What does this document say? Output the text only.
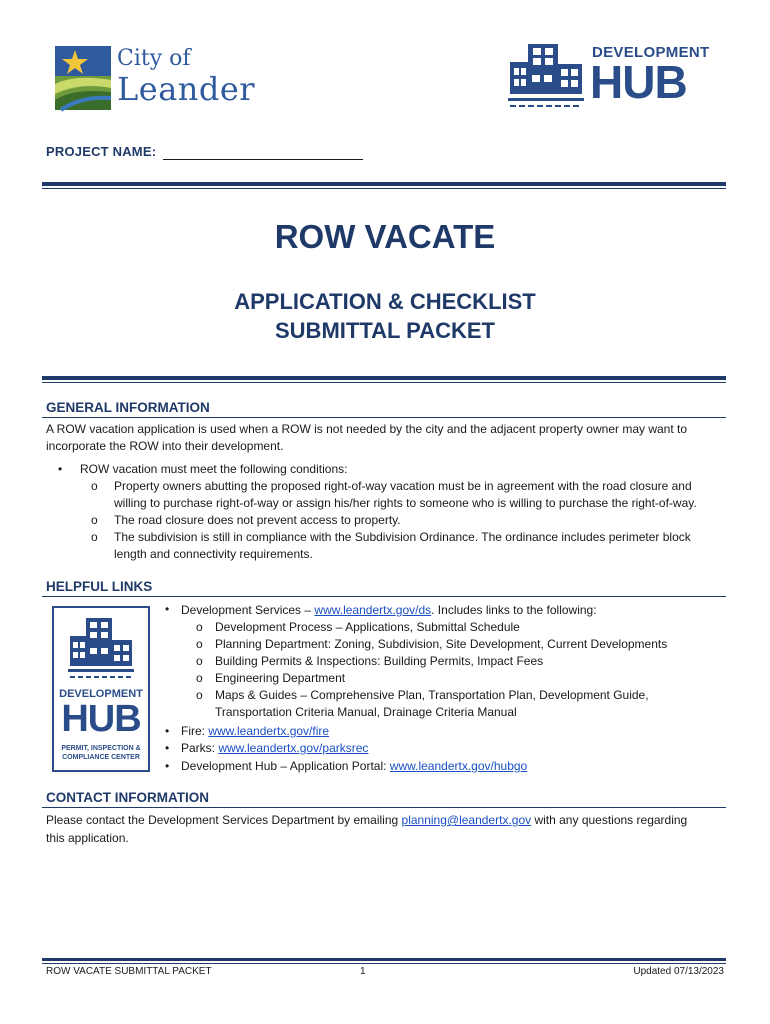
City of
Leander
DEVELOPMENT
HUB
PROJECT NAME:
ROW VACATE
APPLICATION & CHECKLIST
SUBMITTAL PACKET
GENERAL INFORMATION
A ROW vacation application is used when a ROW is not needed by the city and the adjacent property owner may want to
incorporate the ROW into their development.
• ROW vacation must meet the following conditions:
o Property owners abutting the proposed right-of-way vacation must be in agreement with the road closure and
willing to purchase right-of-way or assign his/her rights to someone who is willing to purchase the right-of-way.
o The road closure does not prevent access to property.
o The subdivision is still in compliance with the Subdivision Ordinance. The ordinance includes perimeter block
length and connectivity requirements.
HELPFUL LINKS
DEVELOPMENT
HUB
PERMIT, INSPECTION &
COMPLIANCE CENTER
• Development Services – www.leandertx.gov/ds. Includes links to the following:
o Development Process – Applications, Submittal Schedule
o Planning Department: Zoning, Subdivision, Site Development, Current Developments
o Building Permits & Inspections: Building Permits, Impact Fees
o Engineering Department
o Maps & Guides – Comprehensive Plan, Transportation Plan, Development Guide,
Transportation Criteria Manual, Drainage Criteria Manual
• Fire: www.leandertx.gov/fire
• Parks: www.leandertx.gov/parksrec
• Development Hub – Application Portal: www.leandertx.gov/hubgo
CONTACT INFORMATION
Please contact the Development Services Department by emailing planning@leandertx.gov with any questions regarding
this application.
ROW VACATE SUBMITTAL PACKET	1	Updated 07/13/2023
